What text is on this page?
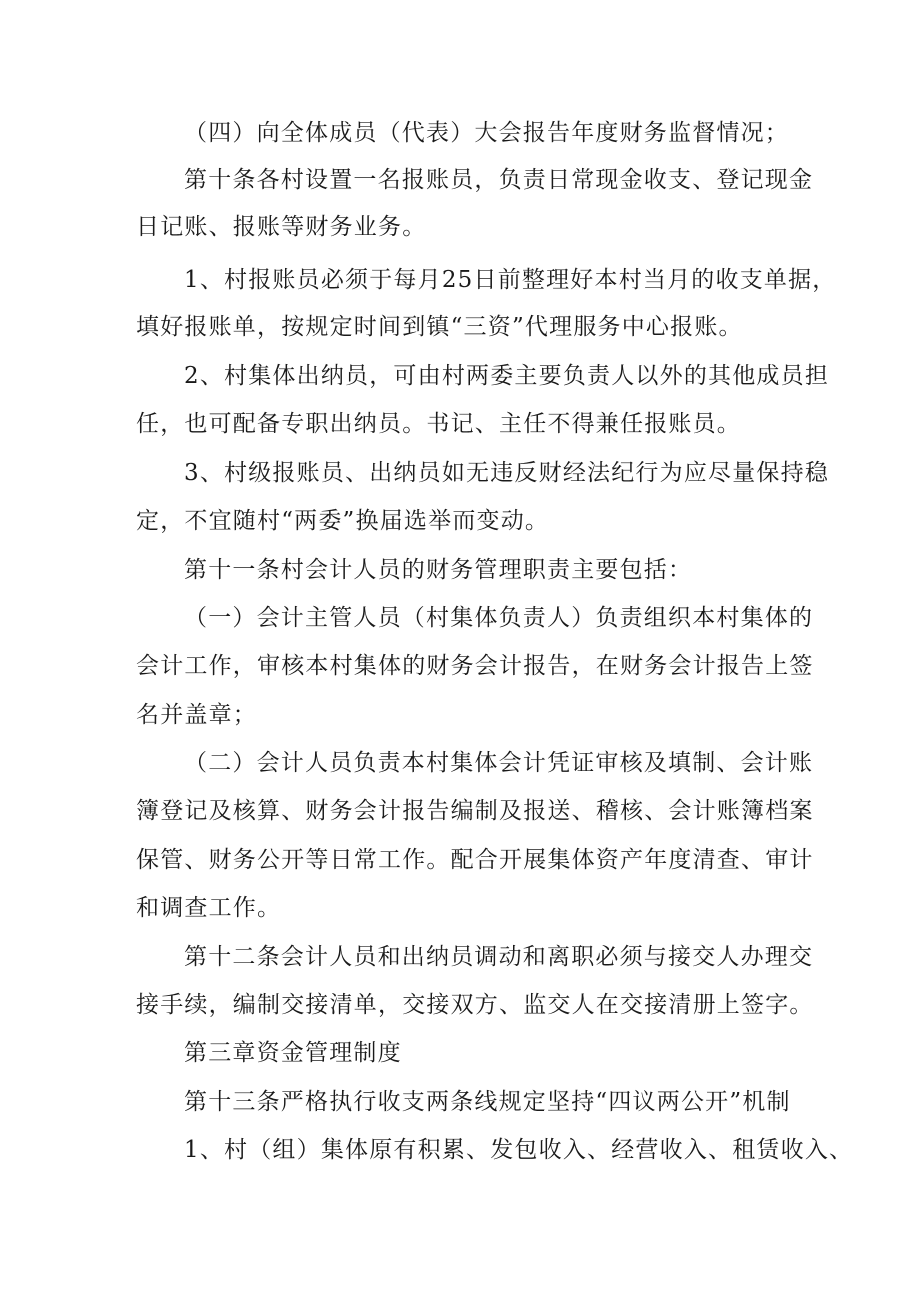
（四）向全体成员（代表）大会报告年度财务监督情况；
第十条各村设置一名报账员，负责日常现金收支、登记现金
日记账、报账等财务业务。
1、村报账员必须于每月25日前整理好本村当月的收支单据，
填好报账单，按规定时间到镇“三资”代理服务中心报账。
2、村集体出纳员，可由村两委主要负责人以外的其他成员担
任，也可配备专职出纳员。书记、主任不得兼任报账员。
3、村级报账员、出纳员如无违反财经法纪行为应尽量保持稳
定，不宜随村“两委”换届选举而变动。
第十一条村会计人员的财务管理职责主要包括：
（一）会计主管人员（村集体负责人）负责组织本村集体的
会计工作，审核本村集体的财务会计报告，在财务会计报告上签
名并盖章；
（二）会计人员负责本村集体会计凭证审核及填制、会计账
簿登记及核算、财务会计报告编制及报送、稽核、会计账簿档案
保管、财务公开等日常工作。配合开展集体资产年度清查、审计
和调查工作。
第十二条会计人员和出纳员调动和离职必须与接交人办理交
接手续，编制交接清单，交接双方、监交人在交接清册上签字。
第三章资金管理制度
第十三条严格执行收支两条线规定坚持“四议两公开”机制
1、村（组）集体原有积累、发包收入、经营收入、租赁收入、
